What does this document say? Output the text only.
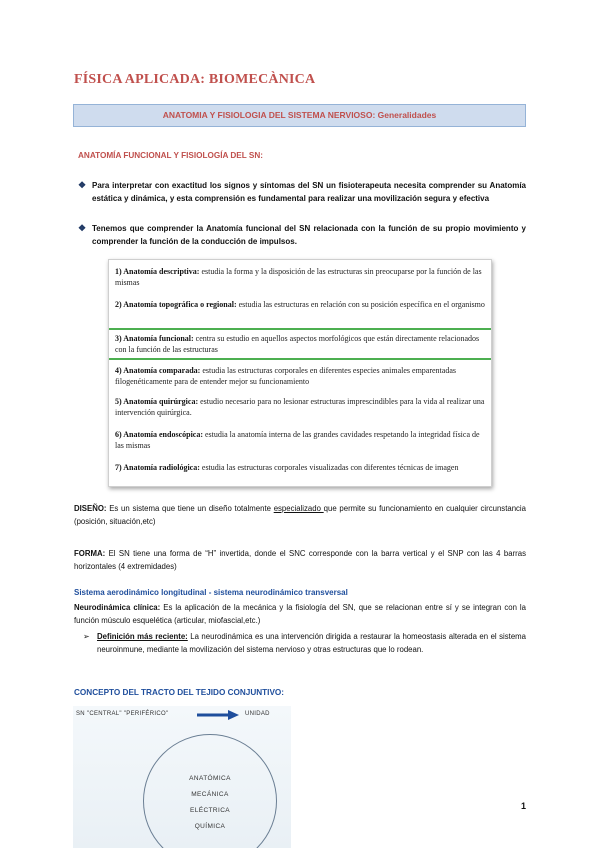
FÍSICA APLICADA: BIOMECÀNICA
ANATOMIA Y FISIOLOGIA DEL SISTEMA NERVIOSO: Generalidades
ANATOMÍA FUNCIONAL Y FISIOLOGÍA DEL SN:
❖ Para interpretar con exactitud los signos y síntomas del SN un fisioterapeuta necesita comprender su Anatomía estática y dinámica, y esta comprensión es fundamental para realizar una movilización segura y efectiva
❖ Tenemos que comprender la Anatomía funcional del SN relacionada con la función de su propio movimiento y comprender la función de la conducción de impulsos.
1) Anatomía descriptiva: estudia la forma y la disposición de las estructuras sin preocuparse por la función de las mismas
2) Anatomía topográfica o regional: estudia las estructuras en relación con su posición específica en el organismo
3) Anatomía funcional: centra su estudio en aquellos aspectos morfológicos que están directamente relacionados con la función de las estructuras
4) Anatomía comparada: estudia las estructuras corporales en diferentes especies animales emparentadas filogenéticamente para de entender mejor su funcionamiento
5) Anatomía quirúrgica: estudio necesario para no lesionar estructuras imprescindibles para la vida al realizar una intervención quirúrgica.
6) Anatomía endoscópica: estudia la anatomía interna de las grandes cavidades respetando la integridad física de las mismas
7) Anatomía radiológica: estudia las estructuras corporales visualizadas con diferentes técnicas de imagen
DISEÑO: Es un sistema que tiene un diseño totalmente especializado que permite su funcionamiento en cualquier circunstancia (posición, situación,etc)
FORMA: El SN tiene una forma de “H” invertida, donde el SNC corresponde con la barra vertical y el SNP con las 4 barras horizontales (4 extremidades)
Sistema aerodinámico longitudinal - sistema neurodinámico transversal
Neurodinámica clínica: Es la aplicación de la mecánica y la fisiología del SN, que se relacionan entre sí y se integran con la función músculo esquelética (articular, miofascial,etc.)
➢ Definición más reciente: La neurodinámica es una intervención dirigida a restaurar la homeostasis alterada en el sistema neuroinmune, mediante la movilización del sistema nervioso y otras estructuras que lo rodean.
CONCEPTO DEL TRACTO DEL TEJIDO CONJUNTIVO:
SN "CENTRAL" "PERIFÉRICO"	UNIDAD
ANATÓMICA
MECÁNICA
ELÉCTRICA
QUÍMICA
1
